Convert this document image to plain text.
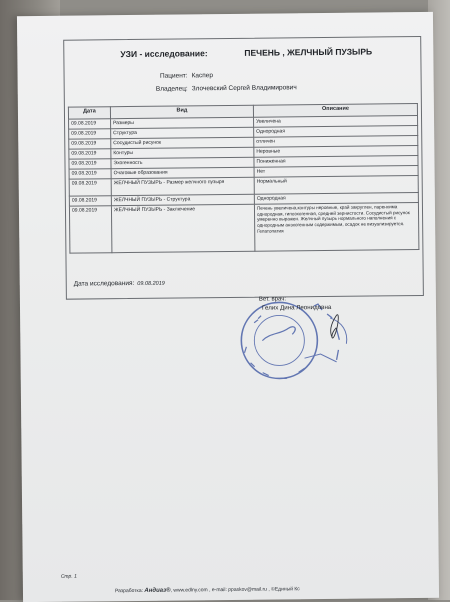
УЗИ - исследование:	ПЕЧЕНЬ , ЖЕЛЧНЫЙ ПУЗЫРЬ
Пациент: Каспер
Владелец: Злочевский Сергей Владимирович
Дата	Вид	Описание
09.08.2019	Размеры	Увеличена
09.08.2019	Структура	Однородная
09.08.2019	Сосудистый рисунок	отличен
09.08.2019	Контуры	Неровные
09.08.2019	Эхогенность	Пониженная
09.08.2019	Очаговые образования	Нет
09.08.2019	ЖЕЛЧНЫЙ ПУЗЫРЬ - Размер желчного пузыря	Нормальный
09.08.2019	ЖЕЛЧНЫЙ ПУЗЫРЬ - Структура	Однородная
09.08.2019	ЖЕЛЧНЫЙ ПУЗЫРЬ - Заключение	Печень увеличена,контуры неровные, край закруглен, паренхима однородная, гипоэхогенная, средней зернистости. Сосудистый рисунок умеренно выражен. Желчный пузырь нормального наполнения с однородным анэхогенным содержимым, осадок не визуализируется. Гепатопатия
Дата исследования: 09.08.2019
Вет. врач:
Гелих Дина Леонидовна
Стр. 1
Разработка: Андиаз®, www.edlny.com , e-mail: ppaskov@mail.ru , ©Единый Кс
